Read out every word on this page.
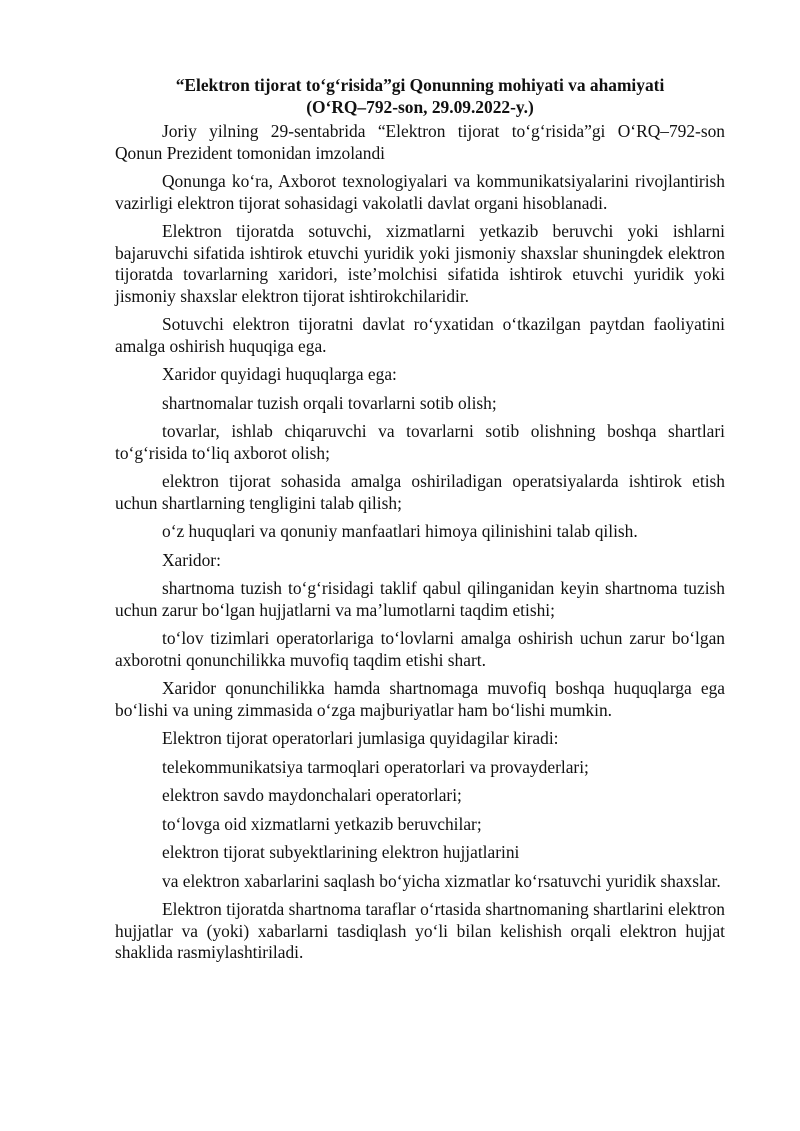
“Elektron tijorat to‘g‘risida”gi Qonunning mohiyati va ahamiyati
(O‘RQ–792-son, 29.09.2022-y.)

Joriy yilning 29-sentabrida “Elektron tijorat to‘g‘risida”gi O‘RQ–792-son Qonun Prezident tomonidan imzolandi

Qonunga ko‘ra, Axborot texnologiyalari va kommunikatsiyalarini rivojlantirish vazirligi elektron tijorat sohasidagi vakolatli davlat organi hisoblanadi.

Elektron tijoratda sotuvchi, xizmatlarni yetkazib beruvchi yoki ishlarni bajaruvchi sifatida ishtirok etuvchi yuridik yoki jismoniy shaxslar shuningdek elektron tijoratda tovarlarning xaridori, iste’molchisi sifatida ishtirok etuvchi yuridik yoki jismoniy shaxslar elektron tijorat ishtirokchilaridir.

Sotuvchi elektron tijoratni davlat ro‘yxatidan o‘tkazilgan paytdan faoliyatini amalga oshirish huquqiga ega.

Xaridor quyidagi huquqlarga ega:

shartnomalar tuzish orqali tovarlarni sotib olish;

tovarlar, ishlab chiqaruvchi va tovarlarni sotib olishning boshqa shartlari to‘g‘risida to‘liq axborot olish;

elektron tijorat sohasida amalga oshiriladigan operatsiyalarda ishtirok etish uchun shartlarning tengligini talab qilish;

o‘z huquqlari va qonuniy manfaatlari himoya qilinishini talab qilish.

Xaridor:

shartnoma tuzish to‘g‘risidagi taklif qabul qilinganidan keyin shartnoma tuzish uchun zarur bo‘lgan hujjatlarni va ma’lumotlarni taqdim etishi;

to‘lov tizimlari operatorlariga to‘lovlarni amalga oshirish uchun zarur bo‘lgan axborotni qonunchilikka muvofiq taqdim etishi shart.

Xaridor qonunchilikka hamda shartnomaga muvofiq boshqa huquqlarga ega bo‘lishi va uning zimmasida o‘zga majburiyatlar ham bo‘lishi mumkin.

Elektron tijorat operatorlari jumlasiga quyidagilar kiradi:

telekommunikatsiya tarmoqlari operatorlari va provayderlari;

elektron savdo maydonchalari operatorlari;

to‘lovga oid xizmatlarni yetkazib beruvchilar;

elektron tijorat subyektlarining elektron hujjatlarini

va elektron xabarlarini saqlash bo‘yicha xizmatlar ko‘rsatuvchi yuridik shaxslar.

Elektron tijoratda shartnoma taraflar o‘rtasida shartnomaning shartlarini elektron hujjatlar va (yoki) xabarlarni tasdiqlash yo‘li bilan kelishish orqali elektron hujjat shaklida rasmiylashtiriladi.
